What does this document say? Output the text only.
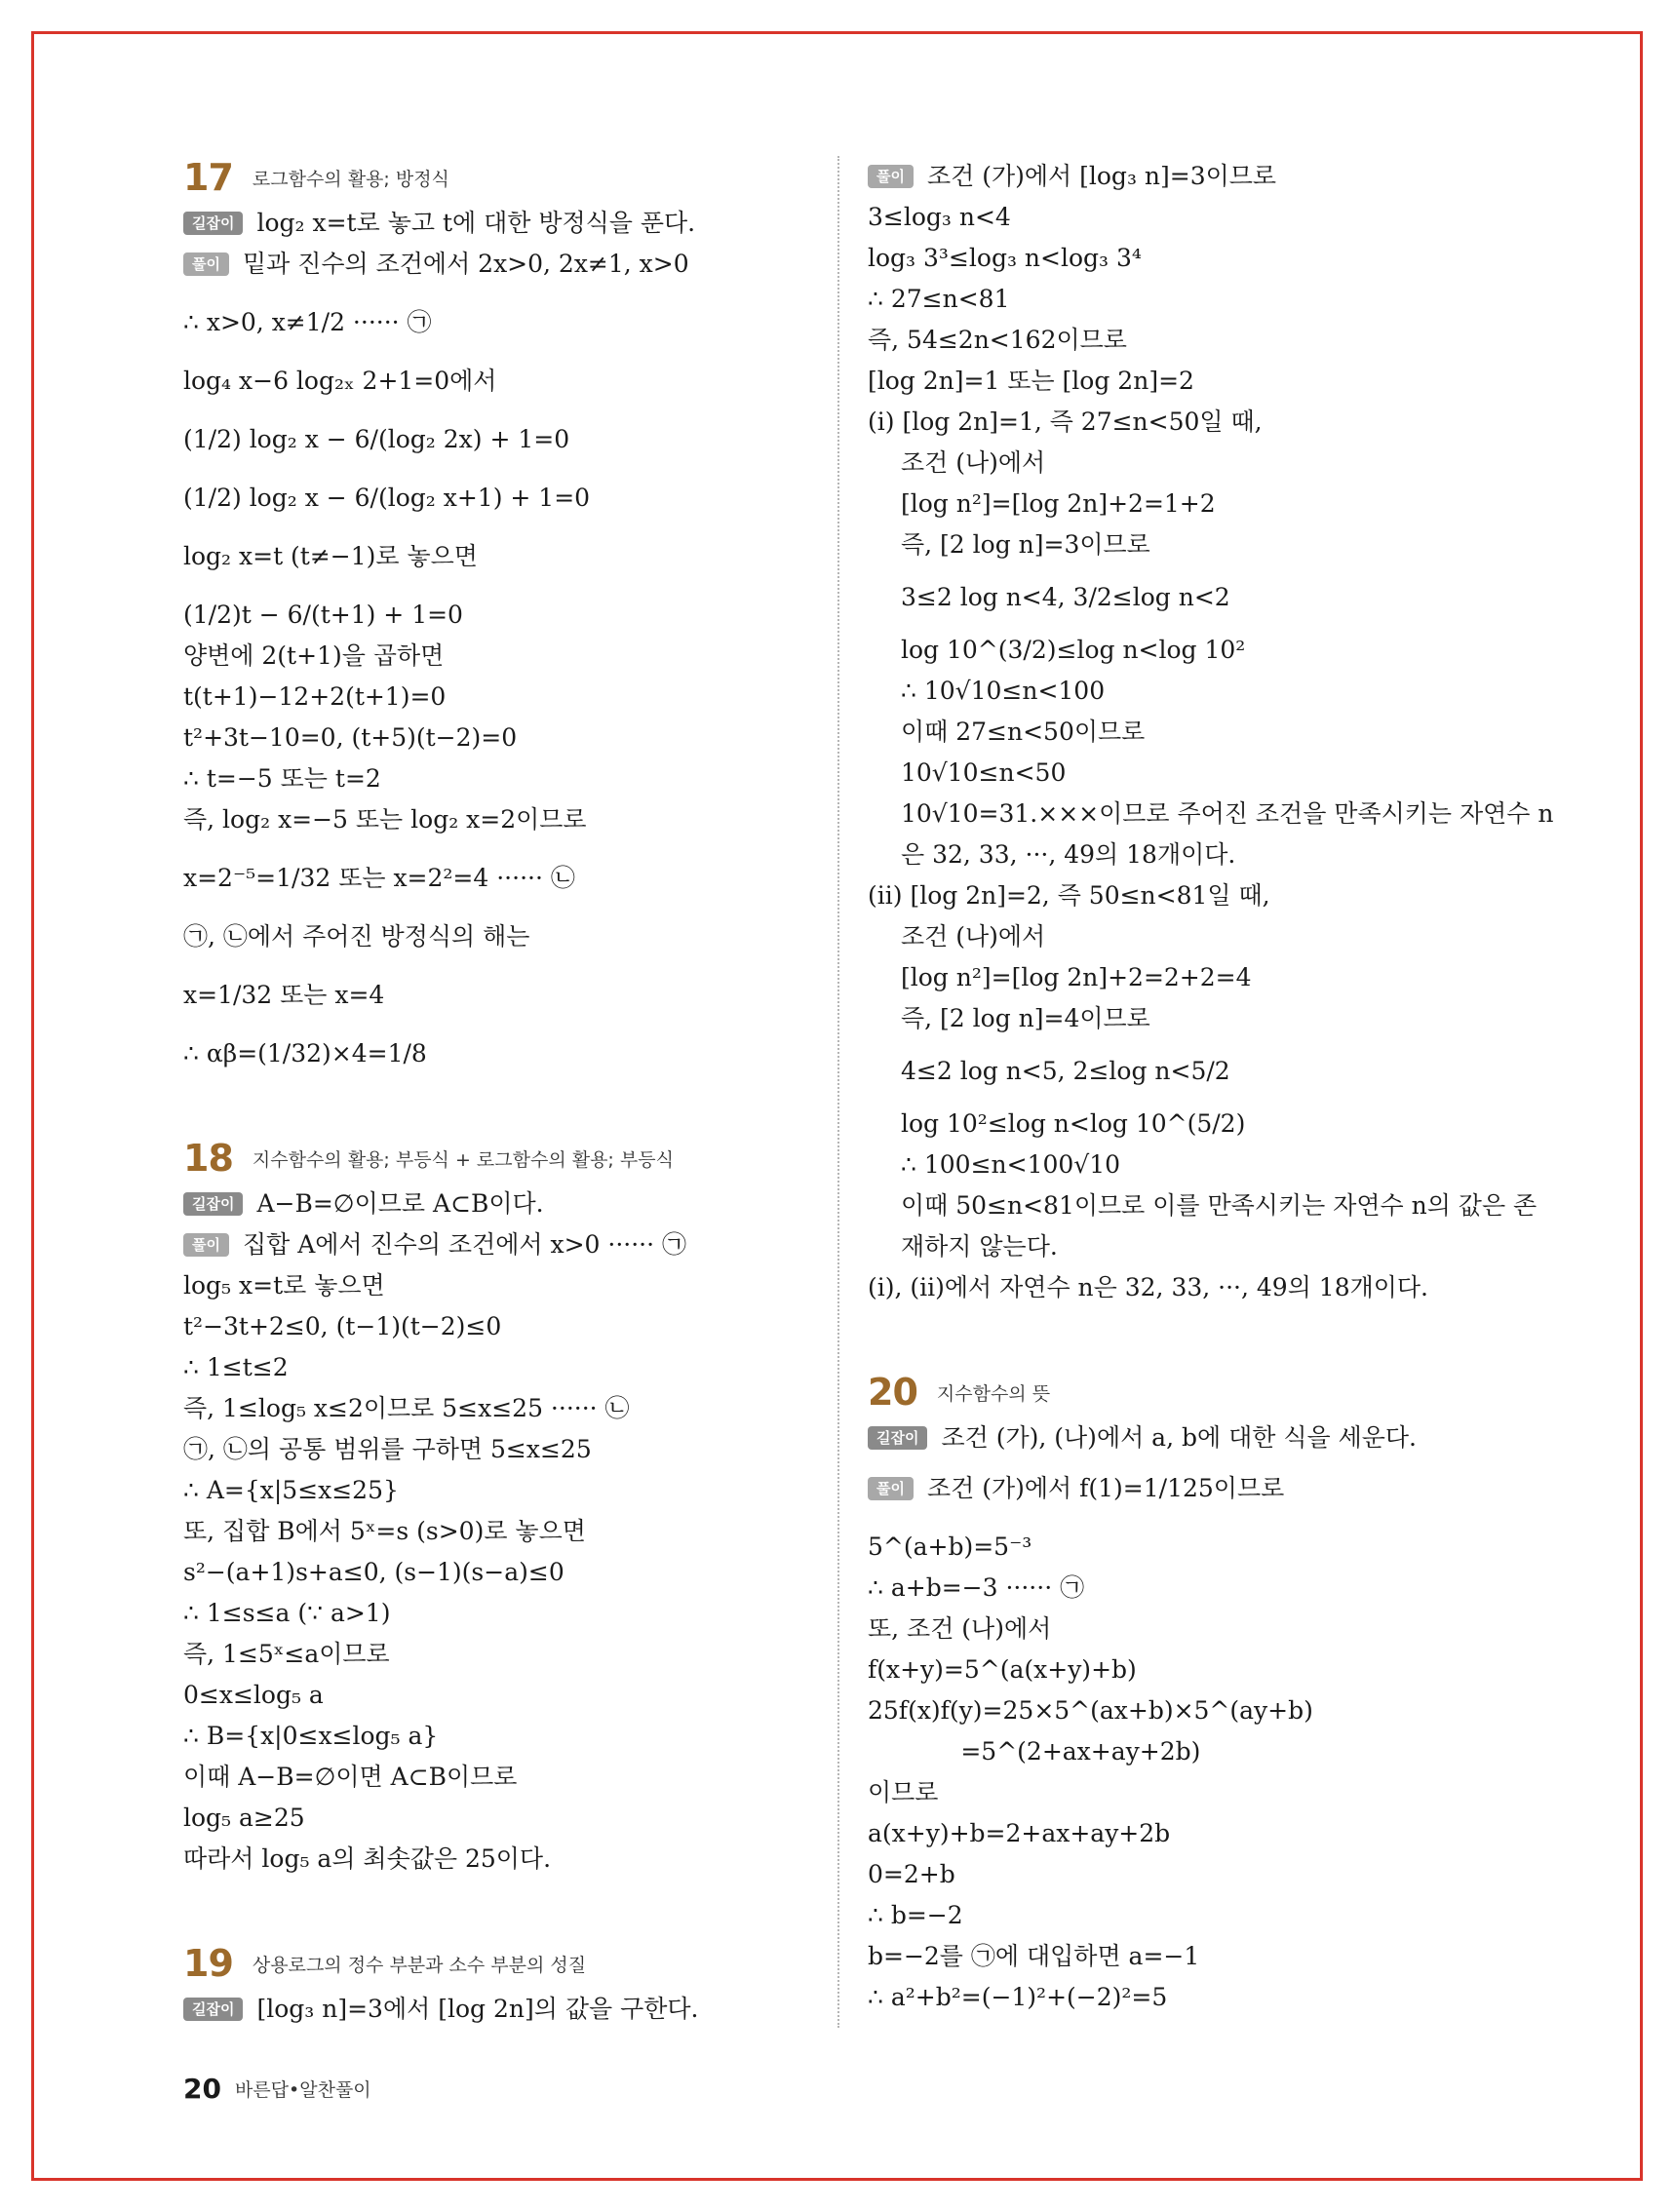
17 로그함수의 활용; 방정식
길잡이 log₂ x=t로 놓고 t에 대한 방정식을 푼다.
풀이 밑과 진수의 조건에서 2x>0, 2x≠1, x>0
∴ x>0, x≠1/2 ······ ㉠
log₄ x−6 log₂ₓ 2+1=0에서
(1/2) log₂ x − 6/(log₂ 2x) + 1=0
(1/2) log₂ x − 6/(log₂ x+1) + 1=0
log₂ x=t (t≠−1)로 놓으면
(1/2)t − 6/(t+1) + 1=0
양변에 2(t+1)을 곱하면
t(t+1)−12+2(t+1)=0
t²+3t−10=0, (t+5)(t−2)=0
∴ t=−5 또는 t=2
즉, log₂ x=−5 또는 log₂ x=2이므로
x=2⁻⁵=1/32 또는 x=2²=4 ······ ㉡
㉠, ㉡에서 주어진 방정식의 해는
x=1/32 또는 x=4
∴ αβ=(1/32)×4=1/8
18 지수함수의 활용; 부등식 + 로그함수의 활용; 부등식
길잡이 A−B=∅이므로 A⊂B이다.
풀이 집합 A에서 진수의 조건에서 x>0 ······ ㉠
log₅ x=t로 놓으면
t²−3t+2≤0, (t−1)(t−2)≤0
∴ 1≤t≤2
즉, 1≤log₅ x≤2이므로 5≤x≤25 ······ ㉡
㉠, ㉡의 공통 범위를 구하면 5≤x≤25
∴ A={x|5≤x≤25}
또, 집합 B에서 5ˣ=s (s>0)로 놓으면
s²−(a+1)s+a≤0, (s−1)(s−a)≤0
∴ 1≤s≤a (∵ a>1)
즉, 1≤5ˣ≤a이므로
0≤x≤log₅ a
∴ B={x|0≤x≤log₅ a}
이때 A−B=∅이면 A⊂B이므로
log₅ a≥25
따라서 log₅ a의 최솟값은 25이다.
19 상용로그의 정수 부분과 소수 부분의 성질
길잡이 [log₃ n]=3에서 [log 2n]의 값을 구한다.
풀이 조건 (가)에서 [log₃ n]=3이므로
3≤log₃ n<4
log₃ 3³≤log₃ n<log₃ 3⁴
∴ 27≤n<81
즉, 54≤2n<162이므로
[log 2n]=1 또는 [log 2n]=2
(i) [log 2n]=1, 즉 27≤n<50일 때,
조건 (나)에서
[log n²]=[log 2n]+2=1+2
즉, [2 log n]=3이므로
3≤2 log n<4, 3/2≤log n<2
log 10^(3/2)≤log n<log 10²
∴ 10√10≤n<100
이때 27≤n<50이므로
10√10≤n<50
10√10=31.×××이므로 주어진 조건을 만족시키는 자연수 n
은 32, 33, ···, 49의 18개이다.
(ii) [log 2n]=2, 즉 50≤n<81일 때,
조건 (나)에서
[log n²]=[log 2n]+2=2+2=4
즉, [2 log n]=4이므로
4≤2 log n<5, 2≤log n<5/2
log 10²≤log n<log 10^(5/2)
∴ 100≤n<100√10
이때 50≤n<81이므로 이를 만족시키는 자연수 n의 값은 존
재하지 않는다.
(i), (ii)에서 자연수 n은 32, 33, ···, 49의 18개이다.
20 지수함수의 뜻
길잡이 조건 (가), (나)에서 a, b에 대한 식을 세운다.
풀이 조건 (가)에서 f(1)=1/125이므로
5^(a+b)=5⁻³
∴ a+b=−3 ······ ㉠
또, 조건 (나)에서
f(x+y)=5^(a(x+y)+b)
25f(x)f(y)=25×5^(ax+b)×5^(ay+b)
=5^(2+ax+ay+2b)
이므로
a(x+y)+b=2+ax+ay+2b
0=2+b
∴ b=−2
b=−2를 ㉠에 대입하면 a=−1
∴ a²+b²=(−1)²+(−2)²=5
20 바른답•알찬풀이
